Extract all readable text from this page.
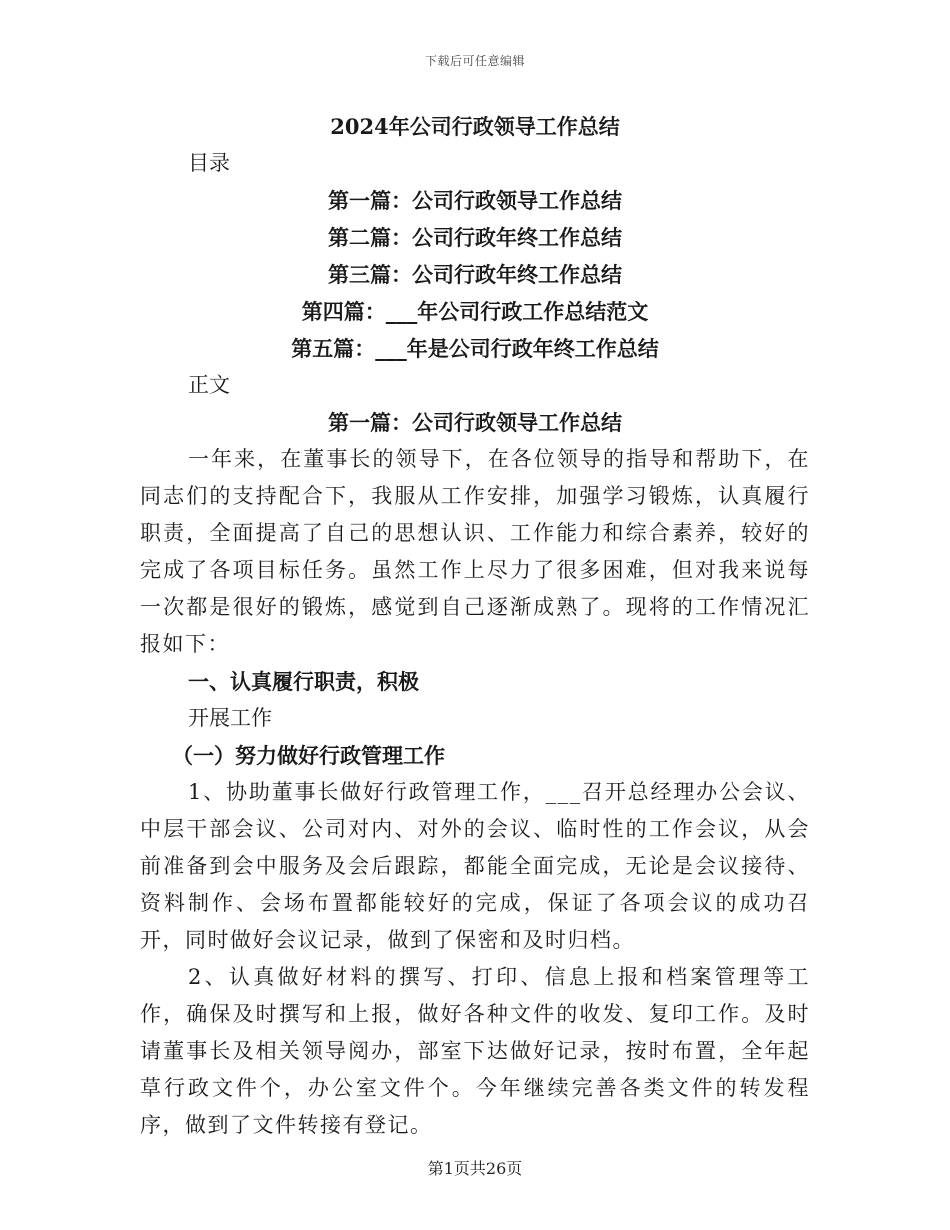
下载后可任意编辑
2024年公司行政领导工作总结

目录

第一篇：公司行政领导工作总结
第二篇：公司行政年终工作总结
第三篇：公司行政年终工作总结
第四篇：___年公司行政工作总结范文
第五篇：___年是公司行政年终工作总结

正文

第一篇：公司行政领导工作总结

一年来，在董事长的领导下，在各位领导的指导和帮助下，在同志们的支持配合下，我服从工作安排，加强学习锻炼，认真履行职责，全面提高了自己的思想认识、工作能力和综合素养，较好的完成了各项目标任务。虽然工作上尽力了很多困难，但对我来说每一次都是很好的锻炼，感觉到自己逐渐成熟了。现将的工作情况汇报如下：

一、认真履行职责，积极

开展工作

（一）努力做好行政管理工作

1、协助董事长做好行政管理工作，___召开总经理办公会议、中层干部会议、公司对内、对外的会议、临时性的工作会议，从会前准备到会中服务及会后跟踪，都能全面完成，无论是会议接待、资料制作、会场布置都能较好的完成，保证了各项会议的成功召开，同时做好会议记录，做到了保密和及时归档。

2、认真做好材料的撰写、打印、信息上报和档案管理等工作，确保及时撰写和上报，做好各种文件的收发、复印工作。及时请董事长及相关领导阅办，部室下达做好记录，按时布置，全年起草行政文件个，办公室文件个。今年继续完善各类文件的转发程序，做到了文件转接有登记。

第1页共26页
